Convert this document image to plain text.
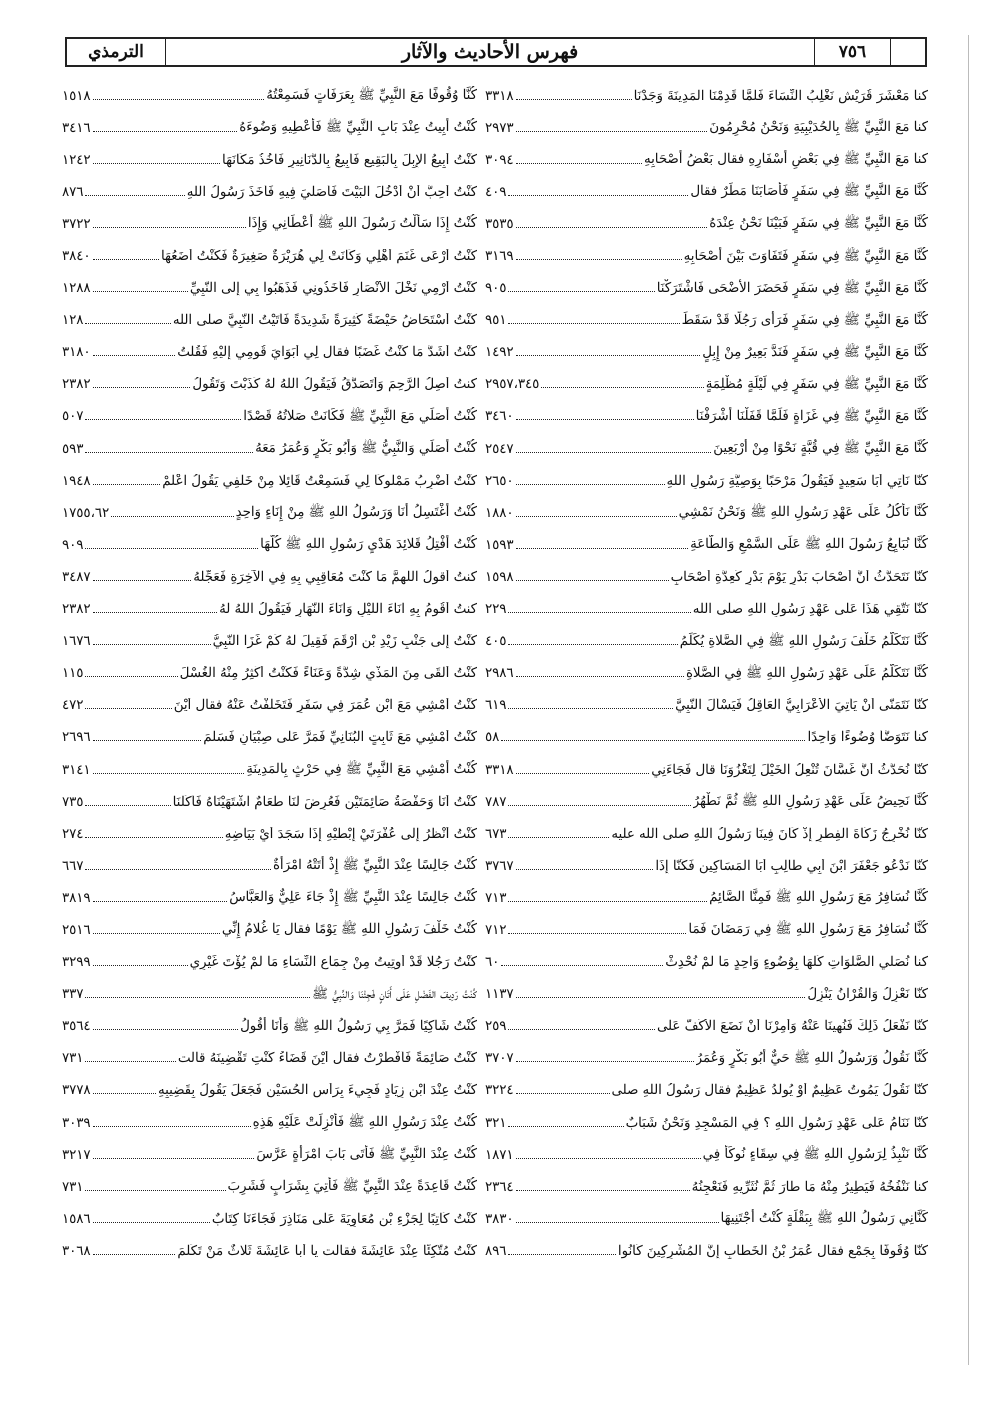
الترمذي	فهرس الأحاديث والآثار	٧٥٦
كنا مَعْشَرَ قُرَيْشٍ نَغْلِبُ النِّسَاءَ فَلَمَّا قَدِمْنَا المَدِينَةَ وَجَدْنَا
٣٣١٨
كنا مَعَ النَّبِيِّ ﷺ بِالحُدَيْبِيَةِ وَنَحْنُ مُحْرِمُونَ
٢٩٧٣
كنا مَعَ النَّبِيِّ ﷺ فِي بَعْضِ أَسْفَارِهِ فقال بَعْضُ أَصْحَابِهِ
٣٠٩٤
كُنَّا مَعَ النَّبِيِّ ﷺ فِي سَفَرٍ فَأَصَابَنَا مَطَرٌ فقال
٤٠٩
كُنَّا مَعَ النَّبِيِّ ﷺ فِي سَفَرٍ فَبَيْنَا نَحْنُ عِنْدَهُ
٣٥٣٥
كُنَّا مَعَ النَّبِيِّ ﷺ فِي سَفَرٍ فَتَفَاوَتَ بَيْنَ أَصْحَابِهِ
٣١٦٩
كُنَّا مَعَ النَّبِيِّ ﷺ فِي سَفَرٍ فَحَضَرَ الأَضْحَى فَاشْتَرَكْنَا
٩٠٥
كُنَّا مَعَ النَّبِيِّ ﷺ فِي سَفَرٍ فَرَأَى رَجُلًا قَدْ سَقَطَ
٩٥١
كُنَّا مَعَ النَّبِيِّ ﷺ فِي سَفَرٍ فَنَدَّ بَعِيرٌ مِنْ إِبِلٍ
١٤٩٢
كُنَّا مَعَ النَّبِيِّ ﷺ فِي سَفَرٍ فِي لَيْلَةٍ مُظْلِمَةٍ
٢٩٥٧،٣٤٥
كُنَّا مَعَ النَّبِيِّ ﷺ فِي غَزَاةٍ فَلَمَّا قَفَلْنَا أَشْرَفْنَا
٣٤٦٠
كُنَّا مَعَ النَّبِيِّ ﷺ فِي قُبَّةٍ نَحْوًا مِنْ أَرْبَعِينَ
٢٥٤٧
كُنَّا نَأْتِي أَبَا سَعِيدٍ فَيَقُولُ مَرْحَبًا بِوَصِيَّةِ رَسُولِ اللهِ
٢٦٥٠
كُنَّا نَأْكُلُ عَلَى عَهْدِ رَسُولِ اللهِ ﷺ وَنَحْنُ نَمْشِي
١٨٨٠
كُنَّا نُبَايِعُ رَسُولَ اللهِ ﷺ عَلَى السَّمْعِ وَالطَّاعَةِ
١٥٩٣
كُنَّا نَتَحَدَّثُ أَنَّ أَصْحَابَ بَدْرٍ يَوْمَ بَدْرٍ كَعِدَّةِ أَصْحَابِ
١٥٩٨
كُنَّا نَتَّقِي هَذَا عَلَى عَهْدِ رَسُولِ اللهِ صلى الله
٢٢٩
كُنَّا نَتَكَلَّمُ خَلْفَ رَسُولِ اللهِ ﷺ فِي الصَّلاةِ يُكَلِّمُ
٤٠٥
كُنَّا نَتَكَلَّمُ عَلَى عَهْدِ رَسُولِ اللهِ ﷺ فِي الصَّلاةِ
٢٩٨٦
كُنَّا نَتَمَنَّى أَنْ يَأْتِيَ الأَعْرَابِيُّ العَاقِلُ فَيَسْأَلَ النَّبِيَّ
٦١٩
كنا نَتَوَضَّأُ وُضُوءًا وَاحِدًا
٥٨
كُنَّا نُحَدَّثُ أَنَّ غَسَّانَ تُنْعِلُ الخَيْلَ لِتَغْزُوَنَا قال فَجَاءَنِي
٣٣١٨
كُنَّا نَحِيضُ عَلَى عَهْدِ رَسُولِ اللهِ ﷺ ثُمَّ نَطْهُرُ
٧٨٧
كُنَّا نُخْرِجُ زَكَاةَ الفِطْرِ إِذْ كَانَ فِينَا رَسُولُ اللهِ صلى الله عليه
٦٧٣
كُنَّا نَدْعُو جَعْفَرَ ابْنَ أَبِي طَالِبٍ أَبَا المَسَاكِينِ فَكُنَّا إِذَا
٣٧٦٧
كُنَّا نُسَافِرُ مَعَ رَسُولِ اللهِ ﷺ فَمِنَّا الصَّائِمُ
٧١٣
كُنَّا نُسَافِرُ مَعَ رَسُولِ اللهِ ﷺ فِي رَمَضَانَ فَمَا
٧١٢
كنا نُصَلِّي الصَّلَوَاتِ كُلَّهَا بِوُضُوءٍ وَاحِدٍ مَا لَمْ نُحْدِثْ
٦٠
كُنَّا نَعْزِلُ وَالقُرْآنُ يَنْزِلُ
١١٣٧
كُنَّا نَفْعَلُ ذَلِكَ فَنُهِينَا عَنْهُ وَأُمِرْنَا أَنْ نَضَعَ الأَكُفَّ عَلَى
٢٥٩
كُنَّا نَقُولُ وَرَسُولُ اللهِ ﷺ حَيٌّ أَبُو بَكْرٍ وَعُمَرُ
٣٧٠٧
كُنَّا نَقُولُ يَمُوتُ عَظِيمٌ أَوْ يُولَدُ عَظِيمٌ فقال رَسُولُ اللهِ صلى
٣٢٢٤
كُنَّا نَنَامُ عَلَى عَهْدِ رَسُولِ اللهِ ؟ فِي المَسْجِدِ وَنَحْنُ شَبَابٌ
٣٢١
كُنَّا نَنْبِذُ لِرَسُولِ اللهِ ﷺ فِي سِقَاءٍ نُوكَأُ فِي
١٨٧١
كنا نَنْفُخُهُ فَيَطِيرُ مِنْهُ مَا طَارَ ثُمَّ نُثَرِّيهِ فَنَعْجِنُهُ
٢٣٦٤
كَنَّانِي رَسُولُ اللهِ ﷺ بِبَقْلَةٍ كُنْتُ أَجْتَنِيهَا
٣٨٣٠
كُنَّا وُقُوفًا بِجَمْعٍ فقال عُمَرُ بْنُ الخَطَّابِ إِنَّ المُشْرِكِينَ كَانُوا
٨٩٦
كُنَّا وُقُوفًا مَعَ النَّبِيِّ ﷺ بِعَرَفَاتٍ فَسَمِعْتُهُ
١٥١٨
كُنْتُ أَبِيتُ عِنْدَ بَابِ النَّبِيِّ ﷺ فَأُعْطِيهِ وَضُوءَهُ
٣٤١٦
كُنْتُ أَبِيعُ الإِبِلَ بِالبَقِيعِ فَأَبِيعُ بِالدَّنَانِيرِ فَآخُذُ مَكَانَهَا
١٢٤٢
كُنْتُ أُحِبُّ أَنْ أَدْخُلَ البَيْتَ فَأُصَلِّيَ فِيهِ فَأَخَذَ رَسُولُ اللهِ
٨٧٦
كُنْتُ إِذَا سَأَلْتُ رَسُولَ اللهِ ﷺ أَعْطَانِي وَإِذَا
٣٧٢٢
كُنْتُ أَرْعَى غَنَمَ أَهْلِي وَكَانَتْ لِي هُرَيْرَةٌ صَغِيرَةٌ فَكُنْتُ أَضَعُهَا
٣٨٤٠
كُنْتُ أَرْمِي نَخْلَ الأَنْصَارِ فَأَخَذُونِي فَذَهَبُوا بِي إِلَى النَّبِيِّ
١٢٨٨
كُنْتُ أَسْتَحَاضُ حَيْضَةً كَثِيرَةً شَدِيدَةً فَأَتَيْتُ النَّبِيَّ صلى الله
١٢٨
كُنْتُ أَشَدَّ مَا كُنْتُ غَضَبًا فقال لِي أَبَوَايَ قُومِي إِلَيْهِ فَقُلْتُ
٣١٨٠
كنتُ أَصِلُ الرَّحِمَ وَأَتَصَدَّقُ فَيَقُولُ اللهُ لَهُ كَذَبْتَ وَتَقُولُ
٢٣٨٢
كُنْتُ أُصَلِّي مَعَ النَّبِيِّ ﷺ فَكَانَتْ صَلاتُهُ قَصْدًا
٥٠٧
كُنْتُ أُصَلِّي وَالنَّبِيُّ ﷺ وَأَبُو بَكْرٍ وَعُمَرُ مَعَهُ
٥٩٣
كُنْتُ أَضْرِبُ مَمْلُوكًا لِي فَسَمِعْتُ قَائِلًا مِنْ خَلْفِي يَقُولُ اعْلَمْ
١٩٤٨
كُنْتُ أَغْتَسِلُ أَنَا وَرَسُولُ اللهِ ﷺ مِنْ إِنَاءٍ وَاحِدٍ
١٧٥٥،٦٢
كُنْتُ أَفْتِلُ قَلائِدَ هَدْيِ رَسُولِ اللهِ ﷺ كُلَّهَا
٩٠٩
كنتُ أقولُ اللهمَّ مَا كُنْتَ مُعَاقِبِي بِهِ فِي الآخِرَةِ فَعَجِّلْهُ
٣٤٨٧
كنتُ أَقُومُ بِهِ آنَاءَ اللَّيْلِ وَآنَاءَ النَّهَارِ فَيَقُولُ اللهُ لَهُ
٢٣٨٢
كُنْتُ إِلَى جَنْبِ زَيْدِ بْنِ أَرْقَمَ فَقِيلَ لَهُ كَمْ غَزَا النَّبِيُّ
١٦٧٦
كُنْتُ أَلْقَى مِنَ المَذْيِ شِدَّةً وَعَنَاءً فَكُنْتُ أُكْثِرُ مِنْهُ الغُسْلَ
١١٥
كُنْتُ أَمْشِي مَعَ ابْنِ عُمَرَ فِي سَفَرٍ فَتَخَلَّفْتُ عَنْهُ فقال أَيْنَ
٤٧٢
كُنْتُ أَمْشِي مَعَ ثَابِتٍ البُنَانِيِّ فَمَرَّ عَلَى صِبْيَانٍ فَسَلَّمَ
٢٦٩٦
كُنْتُ أَمْشِي مَعَ النَّبِيِّ ﷺ فِي حَرْثٍ بِالمَدِينَةِ
٣١٤١
كُنْتُ أَنَا وَحَفْصَةُ صَائِمَتَيْنِ فَعُرِضَ لَنَا طَعَامٌ اشْتَهَيْنَاهُ فَأَكَلْنَا
٧٣٥
كُنْتُ أَنْظُرُ إِلَى عُفْرَتَيْ إِبْطَيْهِ إِذَا سَجَدَ أَيْ بَيَاضِهِ
٢٧٤
كُنْتُ جَالِسًا عِنْدَ النَّبِيِّ ﷺ إِذْ أَتَتْهُ امْرَأَةٌ
٦٦٧
كُنْتُ جَالِسًا عِنْدَ النَّبِيِّ ﷺ إِذْ جَاءَ عَلِيٌّ وَالعَبَّاسُ
٣٨١٩
كُنْتُ خَلْفَ رَسُولِ اللهِ ﷺ يَوْمًا فقال يَا غُلامُ إِنِّي
٢٥١٦
كُنْتُ رَجُلًا قَدْ أُوتِيتُ مِنْ جِمَاعِ النِّسَاءِ مَا لَمْ يُؤْتَ غَيْرِي
٣٢٩٩
كُنْتُ رَدِيفَ الفَضْلِ عَلَى أَتَانٍ فَجِئْنَا وَالنَّبِيُّ ﷺ
٣٣٧
كُنْتُ شَاكِيًا فَمَرَّ بِي رَسُولُ اللهِ ﷺ وَأَنَا أَقُولُ
٣٥٦٤
كُنْتُ صَائِمَةً فَأَفْطَرْتُ فقال أَيْنَ قَضَاءُ كُنْتِ تَقْضِينَهُ قالت
٧٣١
كُنْتُ عِنْدَ ابْنِ زِيَادٍ فَجِيءَ بِرَأْسِ الحُسَيْنِ فَجَعَلَ يَقُولُ بِقَضِيبِهِ
٣٧٧٨
كُنْتُ عِنْدَ رَسُولِ اللهِ ﷺ فَأُنْزِلَتْ عَلَيْهِ هَذِهِ
٣٠٣٩
كُنْتُ عِنْدَ النَّبِيِّ ﷺ فَأَتَى بَابَ امْرَأَةٍ عَرَّسَ
٣٢١٧
كُنْتُ قَاعِدَةً عِنْدَ النَّبِيِّ ﷺ فَأُتِيَ بِشَرَابٍ فَشَرِبَ
٧٣١
كُنْتُ كَاتِبًا لِجَزْءِ بْنِ مُعَاوِيَةَ عَلَى مَنَاذِرَ فَجَاءَنَا كِتَابٌ
١٥٨٦
كُنْتُ مُتَّكِئًا عِنْدَ عَائِشَةَ فقالت يا أبا عَائِشَةَ ثَلاثٌ مَنْ تَكَلَّمَ
٣٠٦٨
